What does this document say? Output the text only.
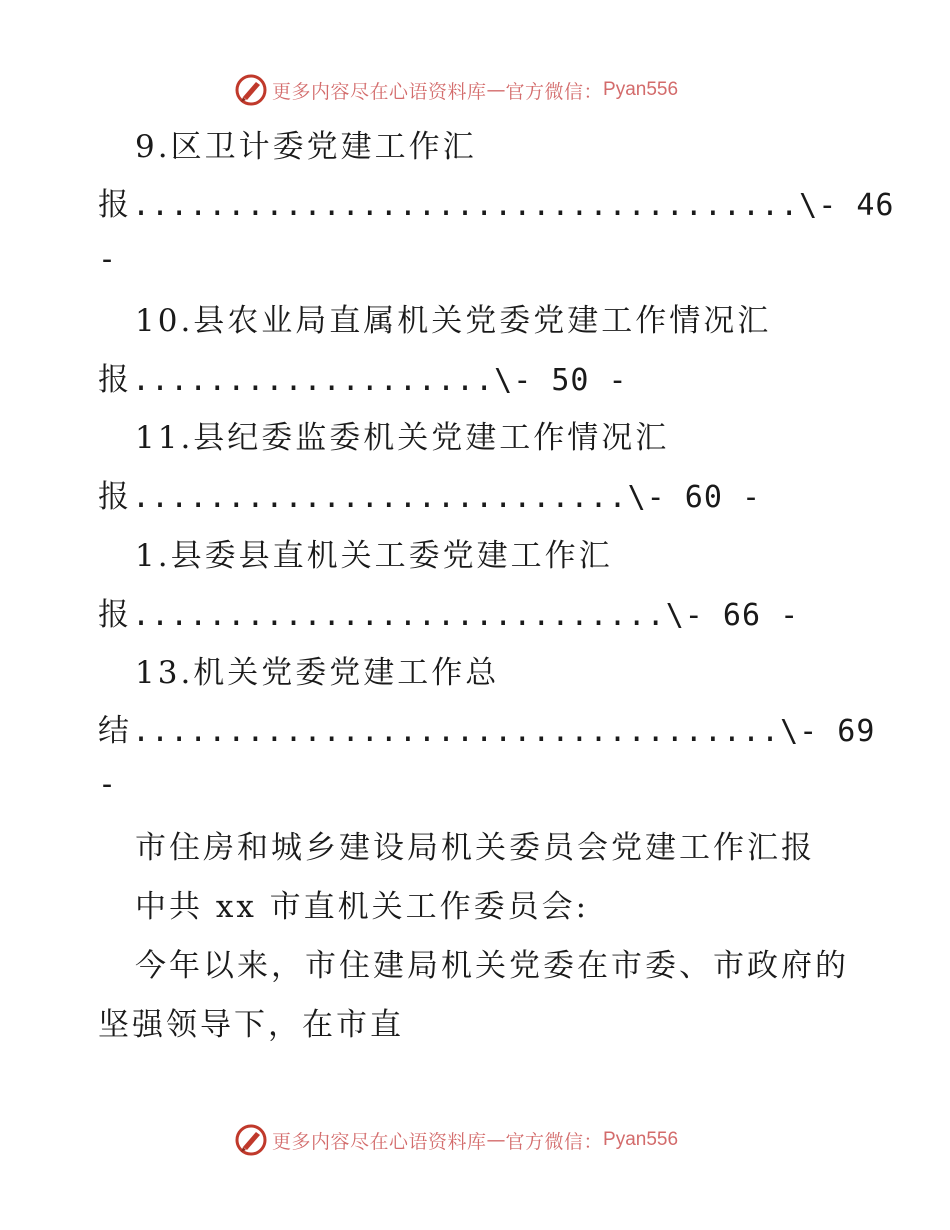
更多内容尽在心语资料库 — 官方微信： Pyan556
9.区卫计委党建工作汇
报...................................\- 46
-
10.县农业局直属机关党委党建工作情况汇
报...................\- 50 -
11.县纪委监委机关党建工作情况汇
报..........................\- 60 -
1.县委县直机关工委党建工作汇
报............................\- 66 -
13.机关党委党建工作总
结..................................\- 69
-
市住房和城乡建设局机关委员会党建工作汇报
中共 xx 市直机关工作委员会:
今年以来，市住建局机关党委在市委、市政府的
坚强领导下，在市直
更多内容尽在心语资料库 — 官方微信： Pyan556
